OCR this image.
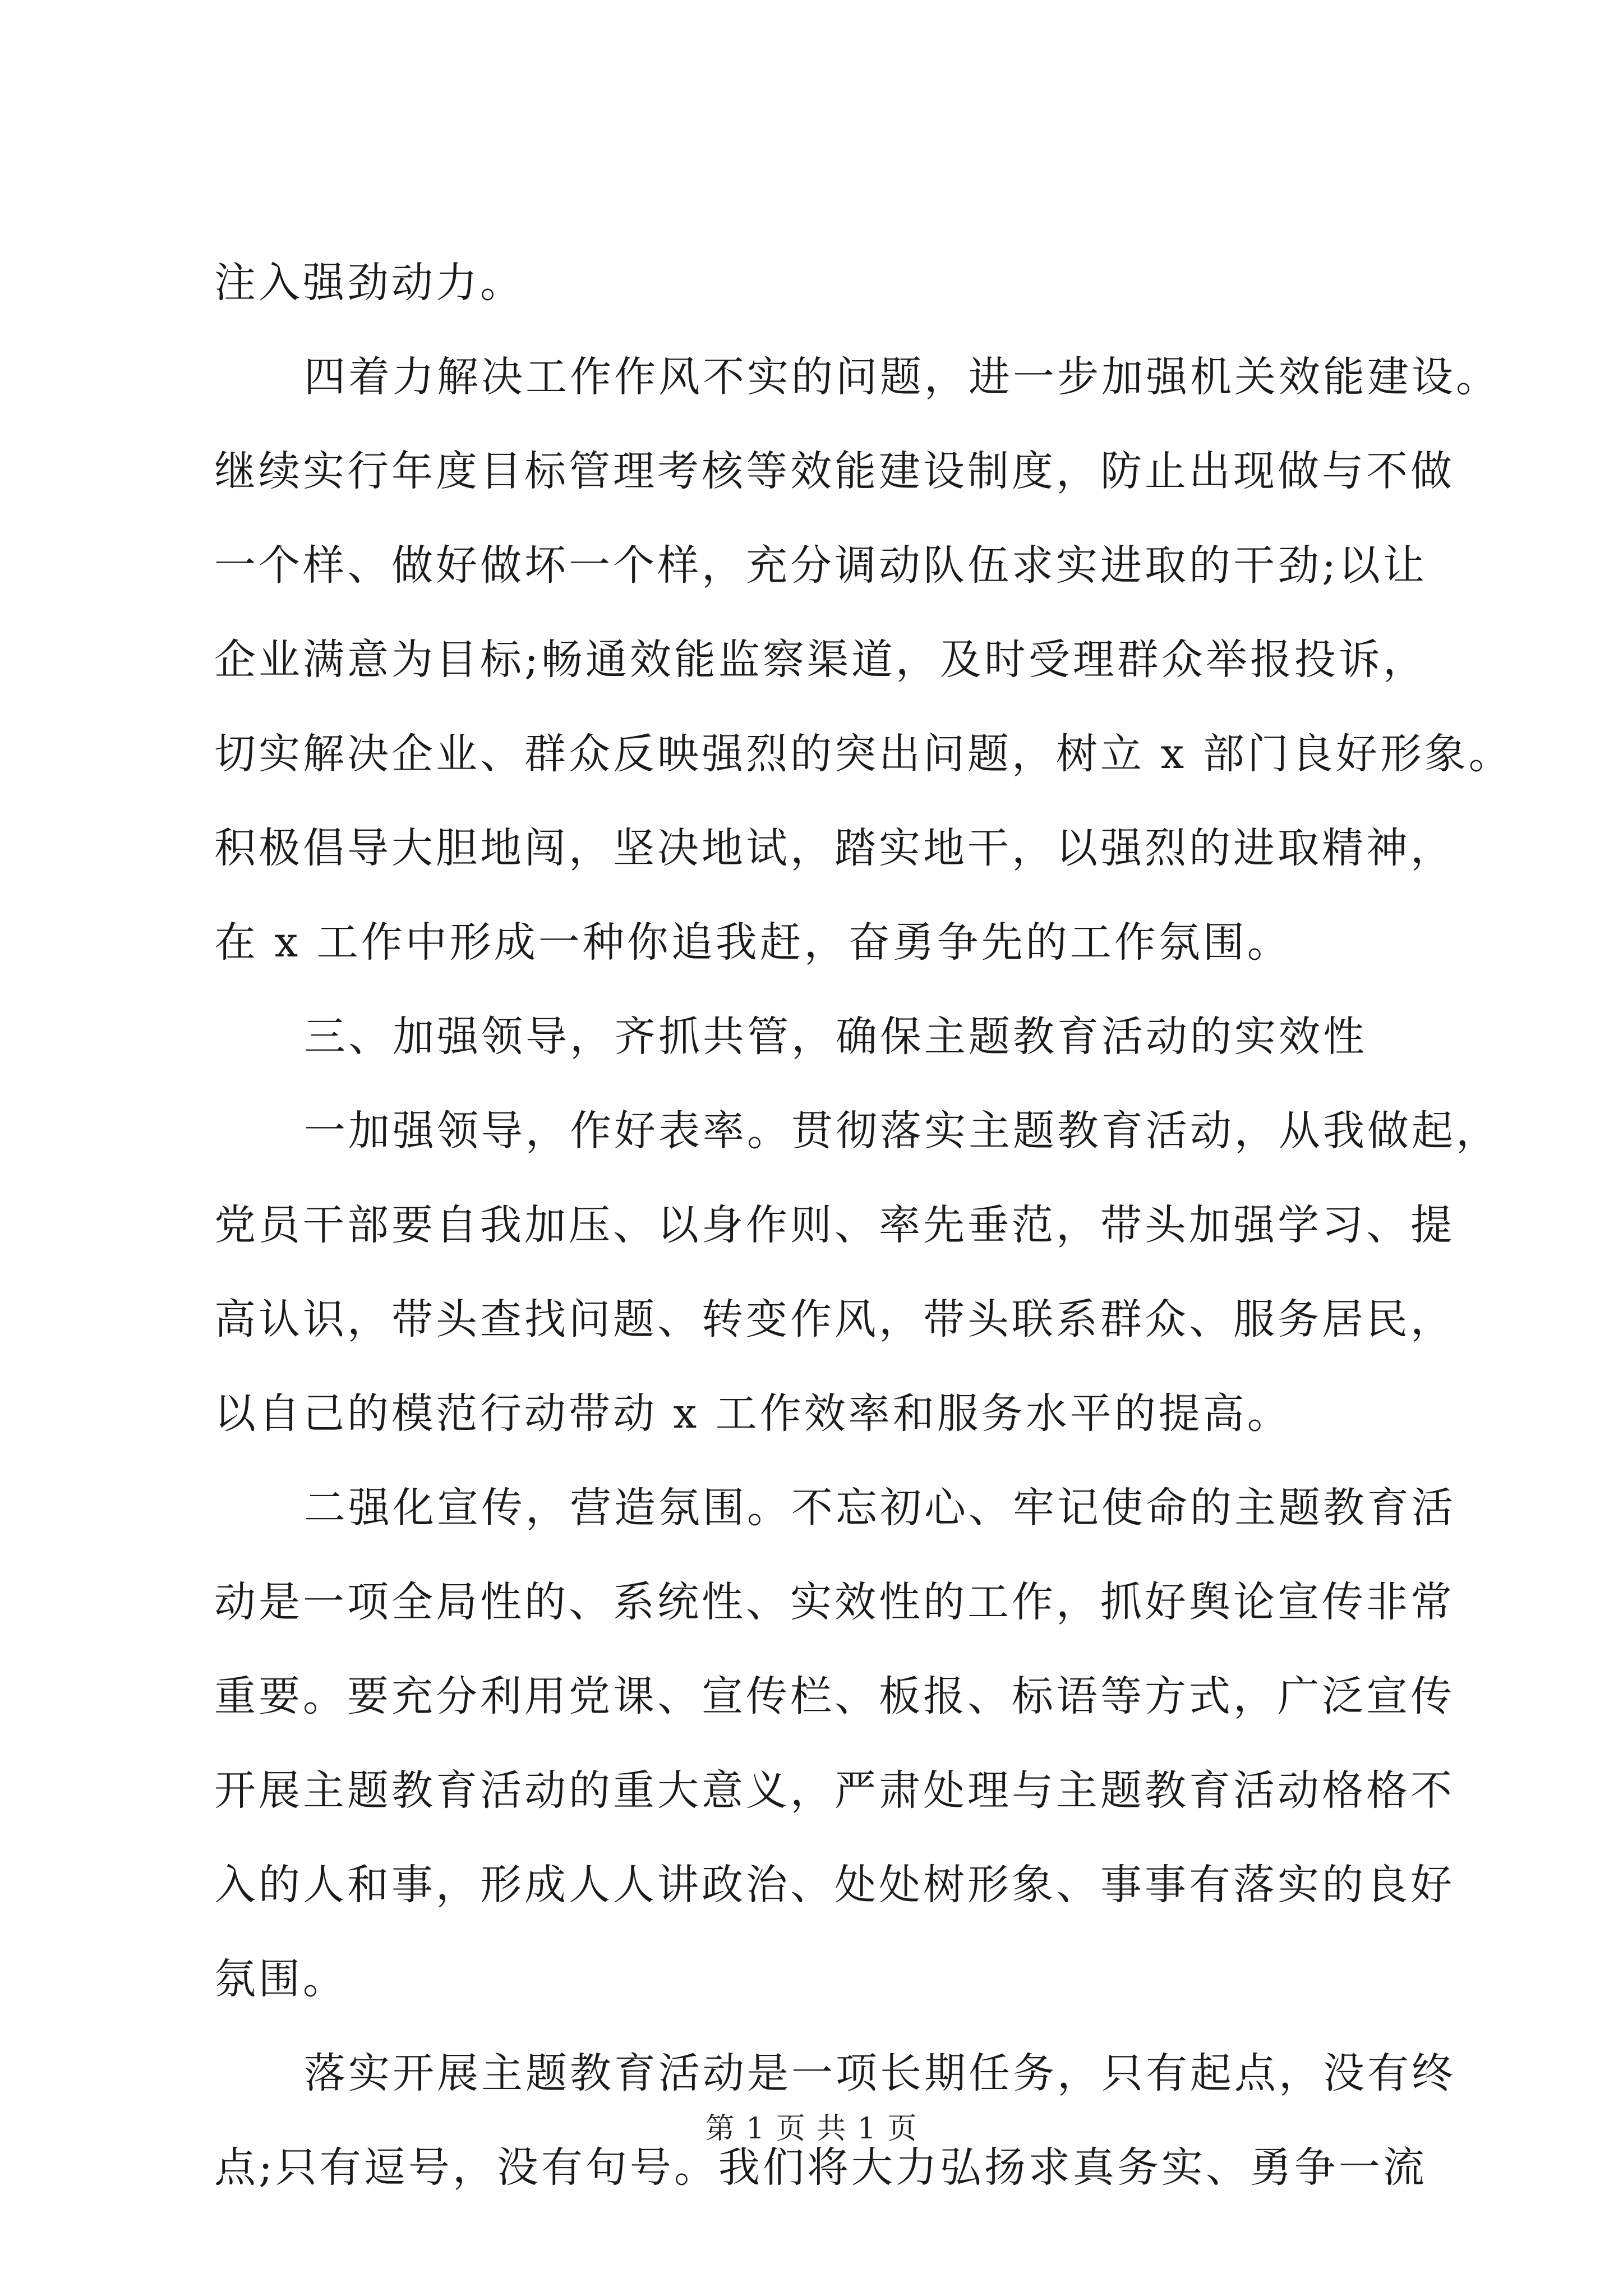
注入强劲动力。
四着力解决工作作风不实的问题，进一步加强机关效能建设。
继续实行年度目标管理考核等效能建设制度，防止出现做与不做
一个样、做好做坏一个样，充分调动队伍求实进取的干劲;以让
企业满意为目标;畅通效能监察渠道，及时受理群众举报投诉，
切实解决企业、群众反映强烈的突出问题，树立 x 部门良好形象。
积极倡导大胆地闯，坚决地试，踏实地干，以强烈的进取精神，
在 x 工作中形成一种你追我赶，奋勇争先的工作氛围。
三、加强领导，齐抓共管，确保主题教育活动的实效性
一加强领导，作好表率。贯彻落实主题教育活动，从我做起，
党员干部要自我加压、以身作则、率先垂范，带头加强学习、提
高认识，带头查找问题、转变作风，带头联系群众、服务居民，
以自己的模范行动带动 x 工作效率和服务水平的提高。
二强化宣传，营造氛围。不忘初心、牢记使命的主题教育活
动是一项全局性的、系统性、实效性的工作，抓好舆论宣传非常
重要。要充分利用党课、宣传栏、板报、标语等方式，广泛宣传
开展主题教育活动的重大意义，严肃处理与主题教育活动格格不
入的人和事，形成人人讲政治、处处树形象、事事有落实的良好
氛围。
落实开展主题教育活动是一项长期任务，只有起点，没有终
点;只有逗号，没有句号。我们将大力弘扬求真务实、勇争一流
第 1 页 共 1 页
